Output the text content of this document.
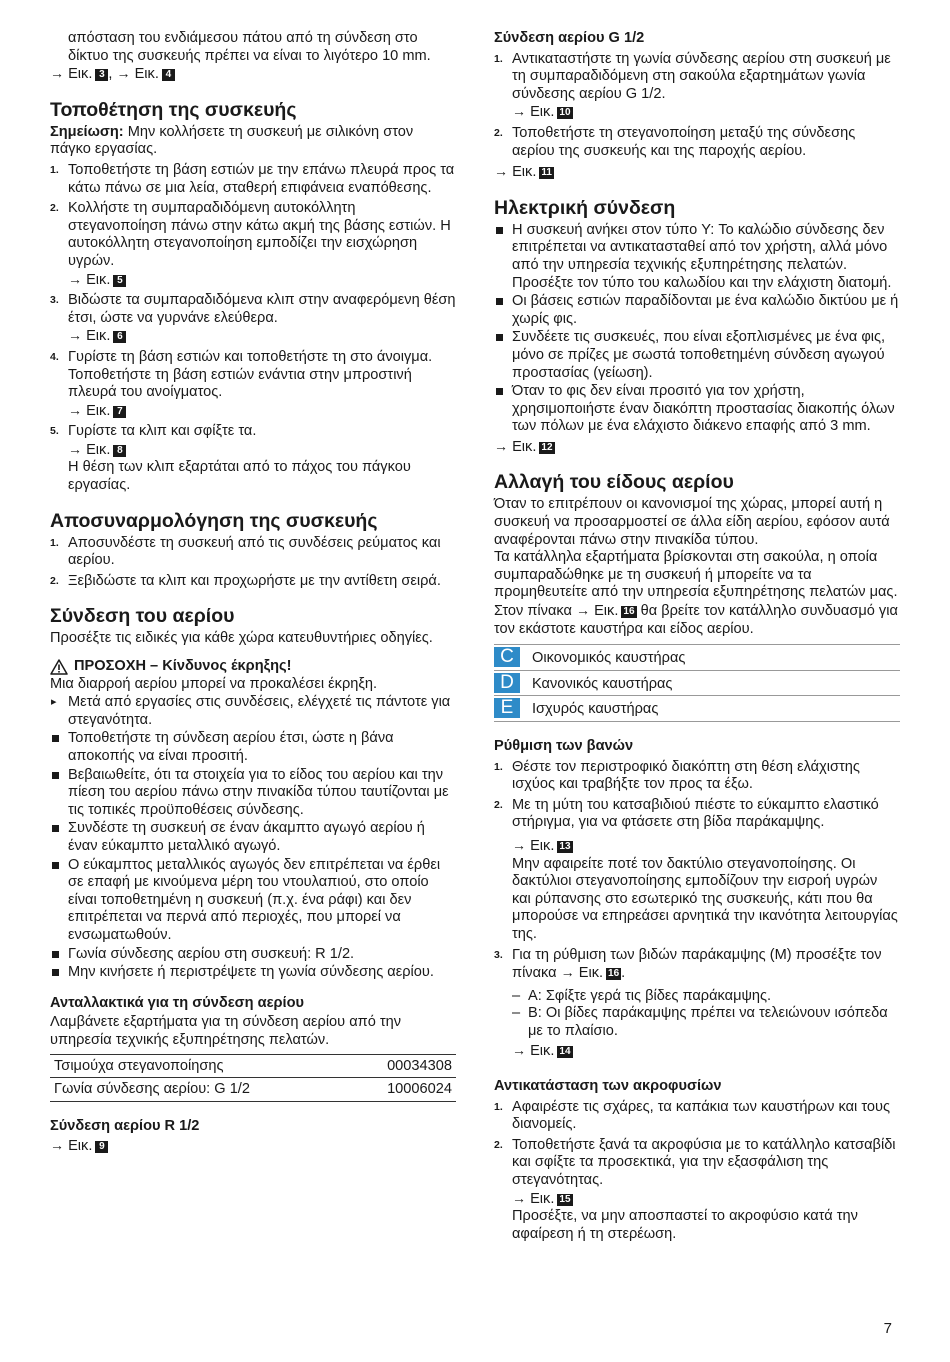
απόσταση του ενδιάμεσου πάτου από τη σύνδεση στο δίκτυο της συσκευής πρέπει να είναι το λιγότερο 10 mm.

→ Εικ. 3 , → Εικ. 4

Τοποθέτηση της συσκευής

Σημείωση: Μην κολλήσετε τη συσκευή με σιλικόνη στον πάγκο εργασίας.

1. Τοποθετήστε τη βάση εστιών με την επάνω πλευρά προς τα κάτω πάνω σε μια λεία, σταθερή επιφάνεια εναπόθεσης.
2. Κολλήστε τη συμπαραδιδόμενη αυτοκόλλητη στεγανοποίηση πάνω στην κάτω ακμή της βάσης εστιών. Η αυτοκόλλητη στεγανοποίηση εμποδίζει την εισχώρηση υγρών.
→ Εικ. 5
3. Βιδώστε τα συμπαραδιδόμενα κλιπ στην αναφερόμενη θέση έτσι, ώστε να γυρνάνε ελεύθερα.
→ Εικ. 6
4. Γυρίστε τη βάση εστιών και τοποθετήστε τη στο άνοιγμα. Τοποθετήστε τη βάση εστιών ενάντια στην μπροστινή πλευρά του ανοίγματος.
→ Εικ. 7
5. Γυρίστε τα κλιπ και σφίξτε τα.
→ Εικ. 8
Η θέση των κλιπ εξαρτάται από το πάχος του πάγκου εργασίας.
Αποσυναρμολόγηση της συσκευής
1. Αποσυνδέστε τη συσκευή από τις συνδέσεις ρεύματος και αερίου.
2. Ξεβιδώστε τα κλιπ και προχωρήστε με την αντίθετη σειρά.
Σύνδεση του αερίου

Προσέξτε τις ειδικές για κάθε χώρα κατευθυντήριες οδηγίες.

ΠΡΟΣΟΧΗ – Κίνδυνος έκρηξης!

Μια διαρροή αερίου μπορεί να προκαλέσει έκρηξη.

▸ Μετά από εργασίες στις συνδέσεις, ελέγχετέ τις πάντοτε για στεγανότητα.
Τοποθετήστε τη σύνδεση αερίου έτσι, ώστε η βάνα αποκοπής να είναι προσιτή.
Βεβαιωθείτε, ότι τα στοιχεία για το είδος του αερίου και την πίεση του αερίου πάνω στην πινακίδα τύπου ταυτίζονται με τις τοπικές προϋποθέσεις σύνδεσης.
Συνδέστε τη συσκευή σε έναν άκαμπτο αγωγό αερίου ή έναν εύκαμπτο μεταλλικό αγωγό.
Ο εύκαμπτος μεταλλικός αγωγός δεν επιτρέπεται να έρθει σε επαφή με κινούμενα μέρη του ντουλαπιού, στο οποίο είναι τοποθετημένη η συσκευή (π.χ. ένα ράφι) και δεν επιτρέπεται να περνά από περιοχές, που μπορεί να ενσωματωθούν.
Γωνία σύνδεσης αερίου στη συσκευή: R 1/2.
Μην κινήσετε ή περιστρέψετε τη γωνία σύνδεσης αερίου.
Ανταλλακτικά για τη σύνδεση αερίου

Λαμβάνετε εξαρτήματα για τη σύνδεση αερίου από την υπηρεσία τεχνικής εξυπηρέτησης πελατών.

Τσιμούχα στεγανοποίησης	00034308
Γωνία σύνδεσης αερίου: G 1/2	10006024
Σύνδεση αερίου R 1/2

→ Εικ. 9

Σύνδεση αερίου G 1/2
1. Αντικαταστήστε τη γωνία σύνδεσης αερίου στη συσκευή με τη συμπαραδιδόμενη στη σακούλα εξαρτημάτων γωνία σύνδεσης αερίου G 1/2.
→ Εικ. 10
2. Τοποθετήστε τη στεγανοποίηση μεταξύ της σύνδεσης αερίου της συσκευής και της παροχής αερίου.

→ Εικ. 11

Ηλεκτρική σύνδεση
Η συσκευή ανήκει στον τύπο Y: Το καλώδιο σύνδεσης δεν επιτρέπεται να αντικατασταθεί από τον χρήστη, αλλά μόνο από την υπηρεσία τεχνικής εξυπηρέτησης πελατών. Προσέξτε τον τύπο του καλωδίου και την ελάχιστη διατομή.
Οι βάσεις εστιών παραδίδονται με ένα καλώδιο δικτύου με ή χωρίς φις.
Συνδέετε τις συσκευές, που είναι εξοπλισμένες με ένα φις, μόνο σε πρίζες με σωστά τοποθετημένη σύνδεση αγωγού προστασίας (γείωση).
Όταν το φις δεν είναι προσιτό για τον χρήστη, χρησιμοποιήστε έναν διακόπτη προστασίας διακοπής όλων των πόλων με ένα ελάχιστο διάκενο επαφής από 3 mm.

→ Εικ. 12

Αλλαγή του είδους αερίου

Όταν το επιτρέπουν οι κανονισμοί της χώρας, μπορεί αυτή η συσκευή να προσαρμοστεί σε άλλα είδη αερίου, εφόσον αυτά αναφέρονται πάνω στην πινακίδα τύπου.

Τα κατάλληλα εξαρτήματα βρίσκονται στη σακούλα, η οποία συμπαραδώθηκε με τη συσκευή ή μπορείτε να τα προμηθευτείτε από την υπηρεσία εξυπηρέτησης πελατών μας. Στον πίνακα → Εικ. 16 θα βρείτε τον κατάλληλο συνδυασμό για τον εκάστοτε καυστήρα και είδος αερίου.

C Οικονομικός καυστήρας
D Κανονικός καυστήρας
E Ισχυρός καυστήρας
Ρύθμιση των βανών
1. Θέστε τον περιστροφικό διακόπτη στη θέση ελάχιστης ισχύος και τραβήξτε τον προς τα έξω.
2. Με τη μύτη του κατσαβιδιού πιέστε το εύκαμπτο ελαστικό στήριγμα, για να φτάσετε στη βίδα παράκαμψης.
→ Εικ. 13
Μην αφαιρείτε ποτέ τον δακτύλιο στεγανοποίησης. Οι δακτύλιοι στεγανοποίησης εμποδίζουν την εισροή υγρών και ρύπανσης στο εσωτερικό της συσκευής, κάτι που θα μπορούσε να επηρεάσει αρνητικά την ικανότητα λειτουργίας της.
3. Για τη ρύθμιση των βιδών παράκαμψης (M) προσέξτε τον πίνακα → Εικ. 16 .
– A: Σφίξτε γερά τις βίδες παράκαμψης.
– B: Οι βίδες παράκαμψης πρέπει να τελειώνουν ισόπεδα με το πλαίσιο.

→ Εικ. 14

Αντικατάσταση των ακροφυσίων
1. Αφαιρέστε τις σχάρες, τα καπάκια των καυστήρων και τους διανομείς.
2. Τοποθετήστε ξανά τα ακροφύσια με το κατάλληλο κατσαβίδι και σφίξτε τα προσεκτικά, για την εξασφάλιση της στεγανότητας.
→ Εικ. 15
Προσέξτε, να μην αποσπαστεί το ακροφύσιο κατά την αφαίρεση ή τη στερέωση.
7
